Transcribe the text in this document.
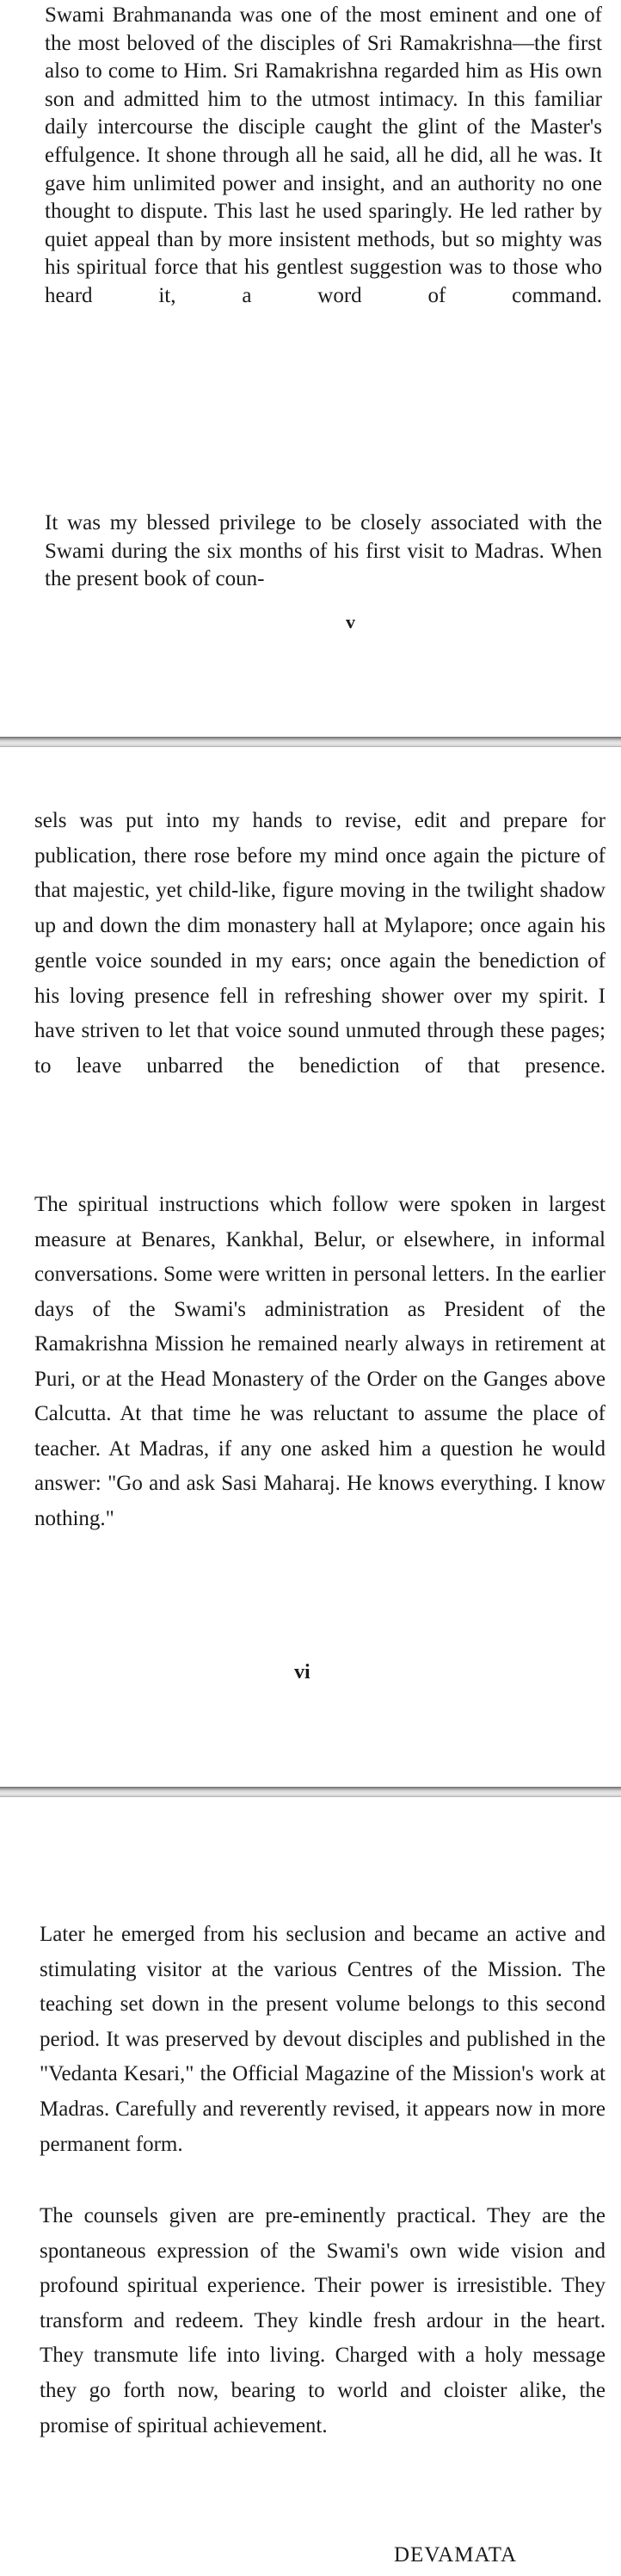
Swami Brahmananda was one of the most eminent and one of the most beloved of the disciples of Sri Ramakrishna—the first also to come to Him. Sri Ramakrishna regarded him as His own son and admitted him to the utmost intimacy. In this familiar daily intercourse the disciple caught the glint of the Master's effulgence. It shone through all he said, all he did, all he was. It gave him unlimited power and insight, and an authority no one thought to dispute. This last he used sparingly. He led rather by quiet appeal than by more insistent methods, but so mighty was his spiritual force that his gentlest suggestion was to those who heard it, a word of command.

It was my blessed privilege to be closely associated with the Swami during the six months of his first visit to Madras. When the present book of coun-

v

sels was put into my hands to revise, edit and prepare for publication, there rose before my mind once again the picture of that majestic, yet child-like, figure moving in the twilight shadow up and down the dim monastery hall at Mylapore; once again his gentle voice sounded in my ears; once again the benediction of his loving presence fell in refreshing shower over my spirit. I have striven to let that voice sound unmuted through these pages; to leave unbarred the benediction of that presence.

The spiritual instructions which follow were spoken in largest measure at Benares, Kankhal, Belur, or elsewhere, in informal conversations. Some were written in personal letters. In the earlier days of the Swami's administration as President of the Ramakrishna Mission he remained nearly always in retirement at Puri, or at the Head Monastery of the Order on the Ganges above Calcutta. At that time he was reluctant to assume the place of teacher. At Madras, if any one asked him a question he would answer: "Go and ask Sasi Maharaj. He knows everything. I know nothing."

vi

Later he emerged from his seclusion and became an active and stimulating visitor at the various Centres of the Mission. The teaching set down in the present volume belongs to this second period. It was preserved by devout disciples and published in the "Vedanta Kesari," the Official Magazine of the Mission's work at Madras. Carefully and reverently revised, it appears now in more permanent form.

The counsels given are pre-eminently practical. They are the spontaneous expression of the Swami's own wide vision and profound spiritual experience. Their power is irresistible. They transform and redeem. They kindle fresh ardour in the heart. They transmute life into living. Charged with a holy message they go forth now, bearing to world and cloister alike, the promise of spiritual achievement.

DEVAMATA
